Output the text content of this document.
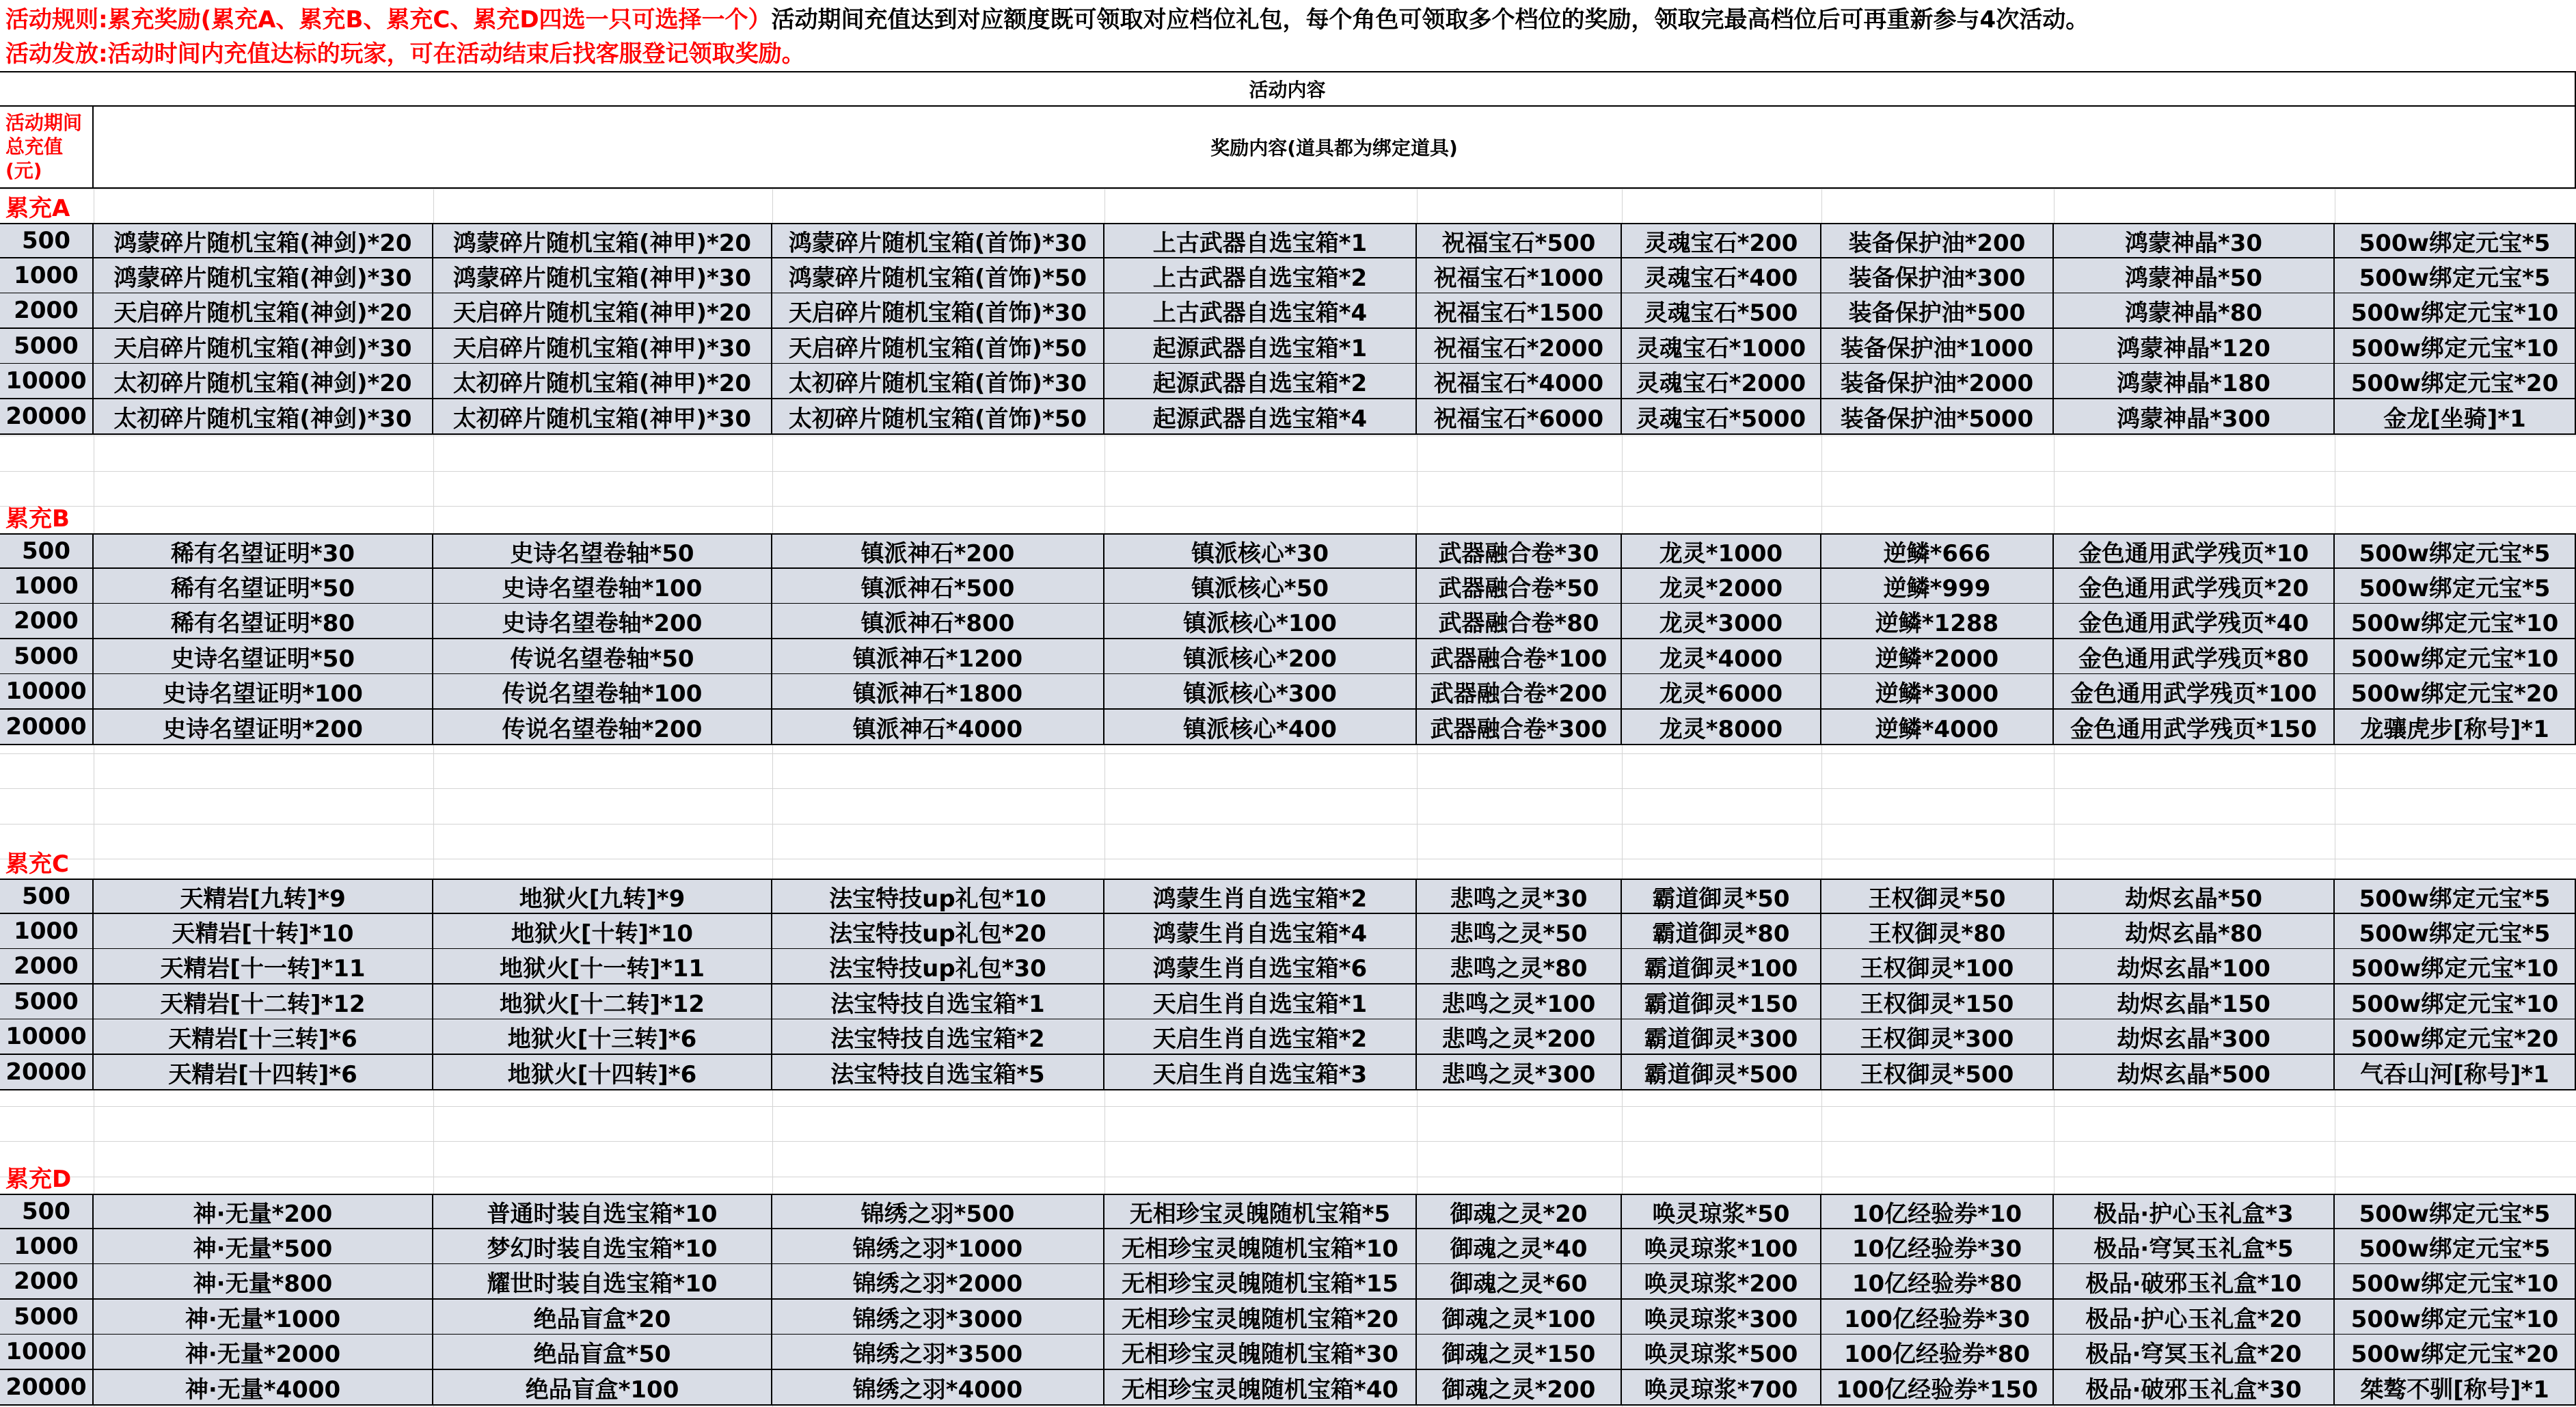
活动规则:累充奖励(累充A、累充B、累充C、累充D四选一只可选择一个）活动期间充值达到对应额度既可领取对应档位礼包，每个角色可领取多个档位的奖励，领取完最高档位后可再重新参与4次活动。
活动发放:活动时间内充值达标的玩家，可在活动结束后找客服登记领取奖励。
活动内容
活动期间总充值(元)
奖励内容(道具都为绑定道具)
累充A
500	鸿蒙碎片随机宝箱(神剑)*20	鸿蒙碎片随机宝箱(神甲)*20	鸿蒙碎片随机宝箱(首饰)*30	上古武器自选宝箱*1	祝福宝石*500	灵魂宝石*200	装备保护油*200	鸿蒙神晶*30	500w绑定元宝*5
1000	鸿蒙碎片随机宝箱(神剑)*30	鸿蒙碎片随机宝箱(神甲)*30	鸿蒙碎片随机宝箱(首饰)*50	上古武器自选宝箱*2	祝福宝石*1000	灵魂宝石*400	装备保护油*300	鸿蒙神晶*50	500w绑定元宝*5
2000	天启碎片随机宝箱(神剑)*20	天启碎片随机宝箱(神甲)*20	天启碎片随机宝箱(首饰)*30	上古武器自选宝箱*4	祝福宝石*1500	灵魂宝石*500	装备保护油*500	鸿蒙神晶*80	500w绑定元宝*10
5000	天启碎片随机宝箱(神剑)*30	天启碎片随机宝箱(神甲)*30	天启碎片随机宝箱(首饰)*50	起源武器自选宝箱*1	祝福宝石*2000	灵魂宝石*1000	装备保护油*1000	鸿蒙神晶*120	500w绑定元宝*10
10000	太初碎片随机宝箱(神剑)*20	太初碎片随机宝箱(神甲)*20	太初碎片随机宝箱(首饰)*30	起源武器自选宝箱*2	祝福宝石*4000	灵魂宝石*2000	装备保护油*2000	鸿蒙神晶*180	500w绑定元宝*20
20000	太初碎片随机宝箱(神剑)*30	太初碎片随机宝箱(神甲)*30	太初碎片随机宝箱(首饰)*50	起源武器自选宝箱*4	祝福宝石*6000	灵魂宝石*5000	装备保护油*5000	鸿蒙神晶*300	金龙[坐骑]*1
累充B
500	稀有名望证明*30	史诗名望卷轴*50	镇派神石*200	镇派核心*30	武器融合卷*30	龙灵*1000	逆鳞*666	金色通用武学残页*10	500w绑定元宝*5
1000	稀有名望证明*50	史诗名望卷轴*100	镇派神石*500	镇派核心*50	武器融合卷*50	龙灵*2000	逆鳞*999	金色通用武学残页*20	500w绑定元宝*5
2000	稀有名望证明*80	史诗名望卷轴*200	镇派神石*800	镇派核心*100	武器融合卷*80	龙灵*3000	逆鳞*1288	金色通用武学残页*40	500w绑定元宝*10
5000	史诗名望证明*50	传说名望卷轴*50	镇派神石*1200	镇派核心*200	武器融合卷*100	龙灵*4000	逆鳞*2000	金色通用武学残页*80	500w绑定元宝*10
10000	史诗名望证明*100	传说名望卷轴*100	镇派神石*1800	镇派核心*300	武器融合卷*200	龙灵*6000	逆鳞*3000	金色通用武学残页*100	500w绑定元宝*20
20000	史诗名望证明*200	传说名望卷轴*200	镇派神石*4000	镇派核心*400	武器融合卷*300	龙灵*8000	逆鳞*4000	金色通用武学残页*150	龙骧虎步[称号]*1
累充C
500	天精岩[九转]*9	地狱火[九转]*9	法宝特技up礼包*10	鸿蒙生肖自选宝箱*2	悲鸣之灵*30	霸道御灵*50	王权御灵*50	劫烬玄晶*50	500w绑定元宝*5
1000	天精岩[十转]*10	地狱火[十转]*10	法宝特技up礼包*20	鸿蒙生肖自选宝箱*4	悲鸣之灵*50	霸道御灵*80	王权御灵*80	劫烬玄晶*80	500w绑定元宝*5
2000	天精岩[十一转]*11	地狱火[十一转]*11	法宝特技up礼包*30	鸿蒙生肖自选宝箱*6	悲鸣之灵*80	霸道御灵*100	王权御灵*100	劫烬玄晶*100	500w绑定元宝*10
5000	天精岩[十二转]*12	地狱火[十二转]*12	法宝特技自选宝箱*1	天启生肖自选宝箱*1	悲鸣之灵*100	霸道御灵*150	王权御灵*150	劫烬玄晶*150	500w绑定元宝*10
10000	天精岩[十三转]*6	地狱火[十三转]*6	法宝特技自选宝箱*2	天启生肖自选宝箱*2	悲鸣之灵*200	霸道御灵*300	王权御灵*300	劫烬玄晶*300	500w绑定元宝*20
20000	天精岩[十四转]*6	地狱火[十四转]*6	法宝特技自选宝箱*5	天启生肖自选宝箱*3	悲鸣之灵*300	霸道御灵*500	王权御灵*500	劫烬玄晶*500	气吞山河[称号]*1
累充D
500	神·无量*200	普通时装自选宝箱*10	锦绣之羽*500	无相珍宝灵魄随机宝箱*5	御魂之灵*20	唤灵琼浆*50	10亿经验券*10	极品·护心玉礼盒*3	500w绑定元宝*5
1000	神·无量*500	梦幻时装自选宝箱*10	锦绣之羽*1000	无相珍宝灵魄随机宝箱*10	御魂之灵*40	唤灵琼浆*100	10亿经验券*30	极品·穹冥玉礼盒*5	500w绑定元宝*5
2000	神·无量*800	耀世时装自选宝箱*10	锦绣之羽*2000	无相珍宝灵魄随机宝箱*15	御魂之灵*60	唤灵琼浆*200	10亿经验券*80	极品·破邪玉礼盒*10	500w绑定元宝*10
5000	神·无量*1000	绝品盲盒*20	锦绣之羽*3000	无相珍宝灵魄随机宝箱*20	御魂之灵*100	唤灵琼浆*300	100亿经验券*30	极品·护心玉礼盒*20	500w绑定元宝*10
10000	神·无量*2000	绝品盲盒*50	锦绣之羽*3500	无相珍宝灵魄随机宝箱*30	御魂之灵*150	唤灵琼浆*500	100亿经验券*80	极品·穹冥玉礼盒*20	500w绑定元宝*20
20000	神·无量*4000	绝品盲盒*100	锦绣之羽*4000	无相珍宝灵魄随机宝箱*40	御魂之灵*200	唤灵琼浆*700	100亿经验券*150	极品·破邪玉礼盒*30	桀骜不驯[称号]*1
